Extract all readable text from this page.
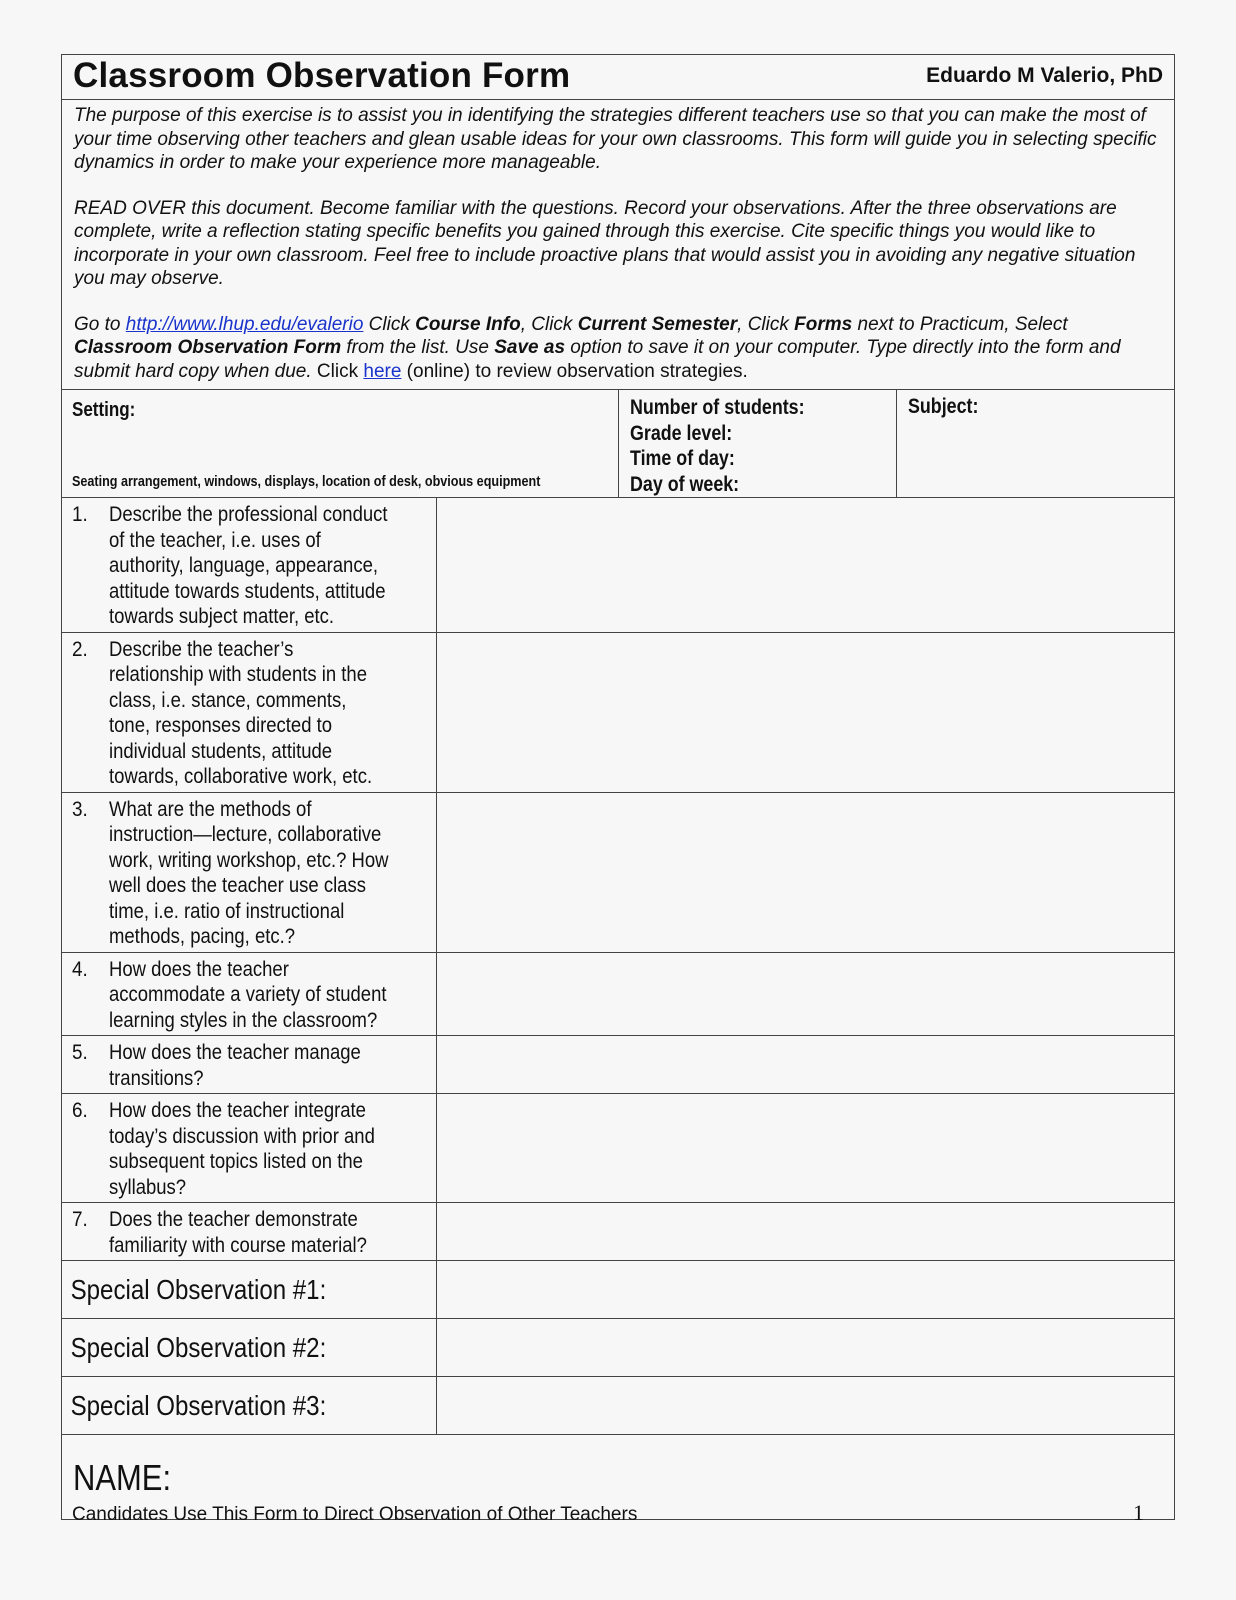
Classroom Observation Form	Eduardo M Valerio, PhD

The purpose of this exercise is to assist you in identifying the strategies different teachers use so that you can make the most of your time observing other teachers and glean usable ideas for your own classrooms. This form will guide you in selecting specific dynamics in order to make your experience more manageable.

READ OVER this document. Become familiar with the questions. Record your observations. After the three observations are complete, write a reflection stating specific benefits you gained through this exercise. Cite specific things you would like to incorporate in your own classroom. Feel free to include proactive plans that would assist you in avoiding any negative situation you may observe.

Go to http://www.lhup.edu/evalerio Click Course Info, Click Current Semester, Click Forms next to Practicum, Select Classroom Observation Form from the list. Use Save as option to save it on your computer. Type directly into the form and submit hard copy when due. Click here (online) to review observation strategies.

Setting:
Seating arrangement, windows, displays, location of desk, obvious equipment
Number of students:
Grade level:
Time of day:
Day of week:
Subject:
1. Describe the professional conduct of the teacher, i.e. uses of authority, language, appearance, attitude towards students, attitude towards subject matter, etc.	

2. Describe the teacher’s relationship with students in the class, i.e. stance, comments, tone, responses directed to individual students, attitude towards, collaborative work, etc.	

3. What are the methods of instruction—lecture, collaborative work, writing workshop, etc.? How well does the teacher use class time, i.e. ratio of instructional methods, pacing, etc.?	

4. How does the teacher accommodate a variety of student learning styles in the classroom?	

5. How does the teacher manage transitions?	

6. How does the teacher integrate today’s discussion with prior and subsequent topics listed on the syllabus?	

7. Does the teacher demonstrate familiarity with course material?	

Special Observation #1:	

Special Observation #2:	

Special Observation #3:	

NAME:
Candidates Use This Form to Direct Observation of Other Teachers	1
